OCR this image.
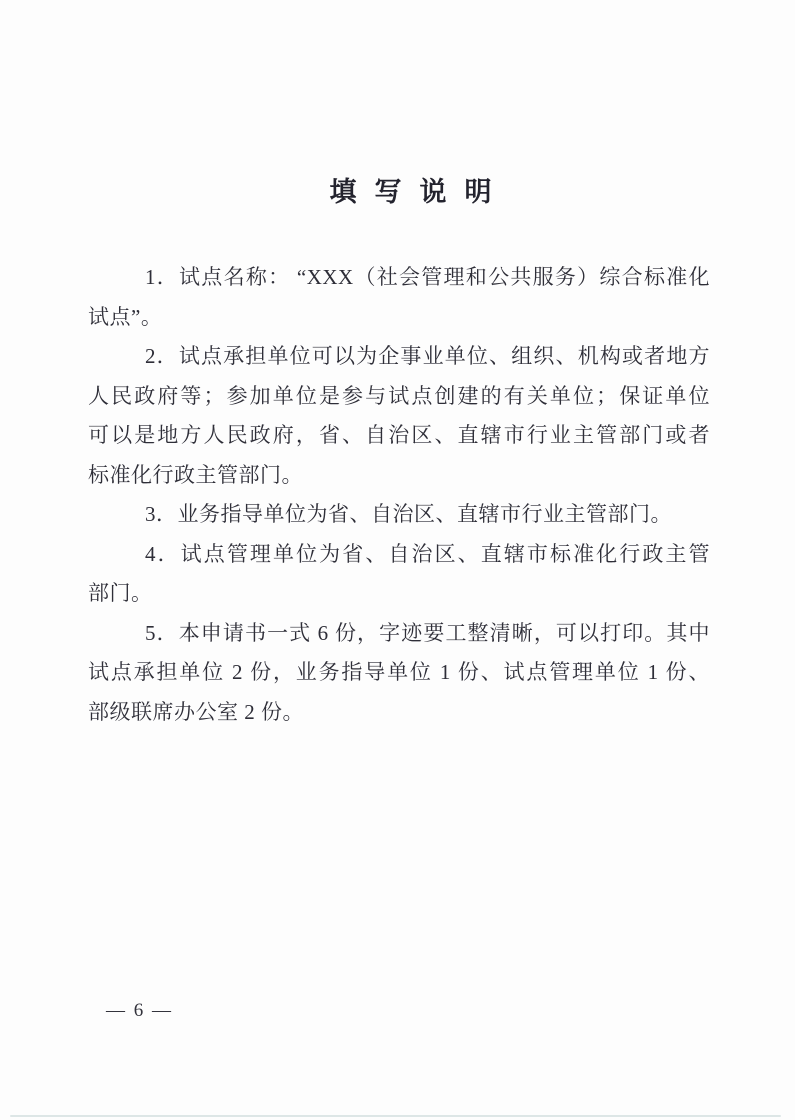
填写说明
1．试点名称： “XXX（社会管理和公共服务）综合标准化
试点”。
2．试点承担单位可以为企事业单位、组织、机构或者地方
人民政府等；参加单位是参与试点创建的有关单位；保证单位
可以是地方人民政府，省、自治区、直辖市行业主管部门或者
标准化行政主管部门。
3．业务指导单位为省、自治区、直辖市行业主管部门。
4．试点管理单位为省、自治区、直辖市标准化行政主管
部门。
5．本申请书一式 6 份，字迹要工整清晰，可以打印。其中
试点承担单位 2 份，业务指导单位 1 份、试点管理单位 1 份、
部级联席办公室 2 份。
— 6 —
